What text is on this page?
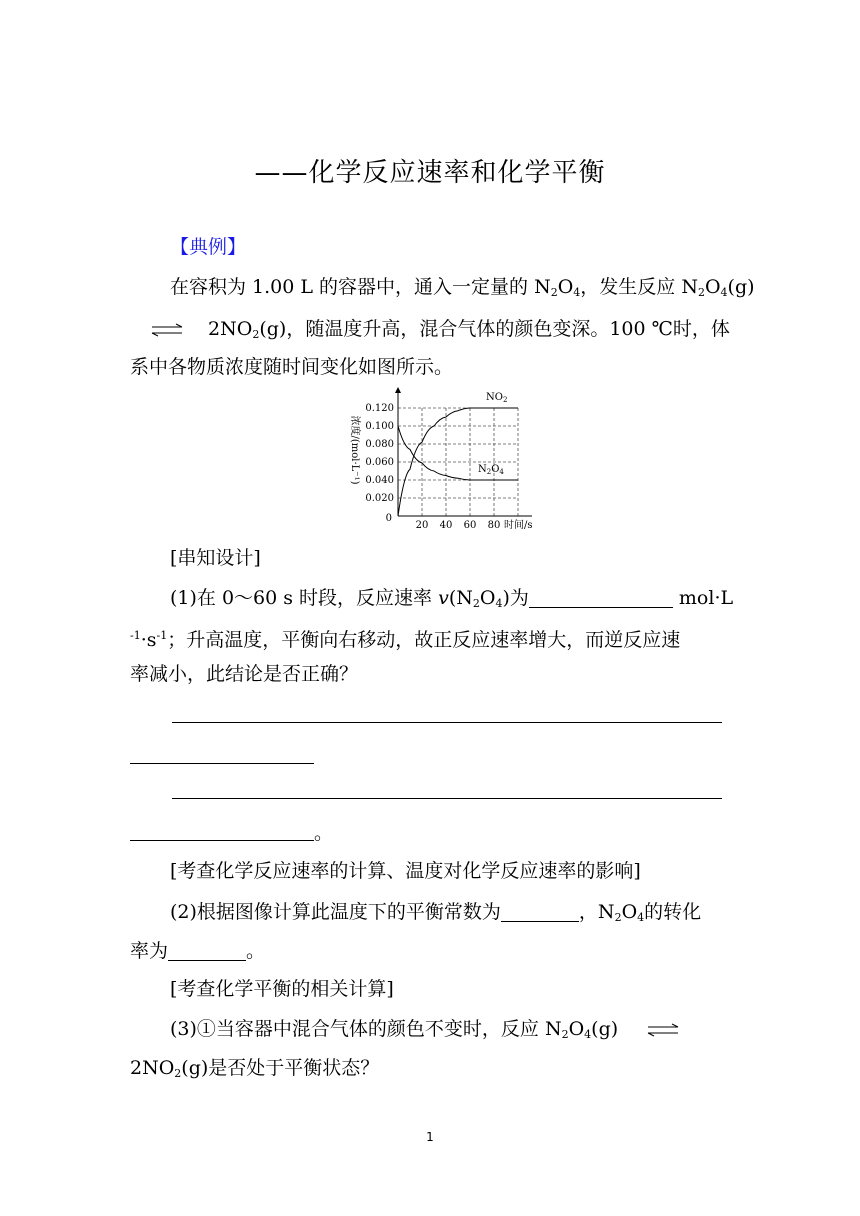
——化学反应速率和化学平衡
【典例】
在容积为 1.00 L 的容器中，通入一定量的 $N_2O_4$，发生反应 $N_2O_4(g)$
⇌ $2NO_2(g)$，随温度升高，混合气体的颜色变深。100 ℃时，体
系中各物质浓度随时间变化如图所示。
0.020
0.040
0.060
0.080
0.100
0.120
20 40 60 80
0
时间/s
浓度/(mol·L⁻¹)
$NO_2$
$N_2O_4$
[串知设计]
(1)在 0～60 s 时段，反应速率 $v(N_2O_4)$为	mol·L
$^{-1}\cdot s^{-1}$；升高温度，平衡向右移动，故正反应速率增大，而逆反应速
率减小，此结论是否正确？
。
[考查化学反应速率的计算、温度对化学反应速率的影响]
(2)根据图像计算此温度下的平衡常数为	，$N_2O_4$的转化
率为	。
[考查化学平衡的相关计算]
(3)①当容器中混合气体的颜色不变时，反应 $N_2O_4(g)$ ⇌
$2NO_2(g)$是否处于平衡状态？
1
